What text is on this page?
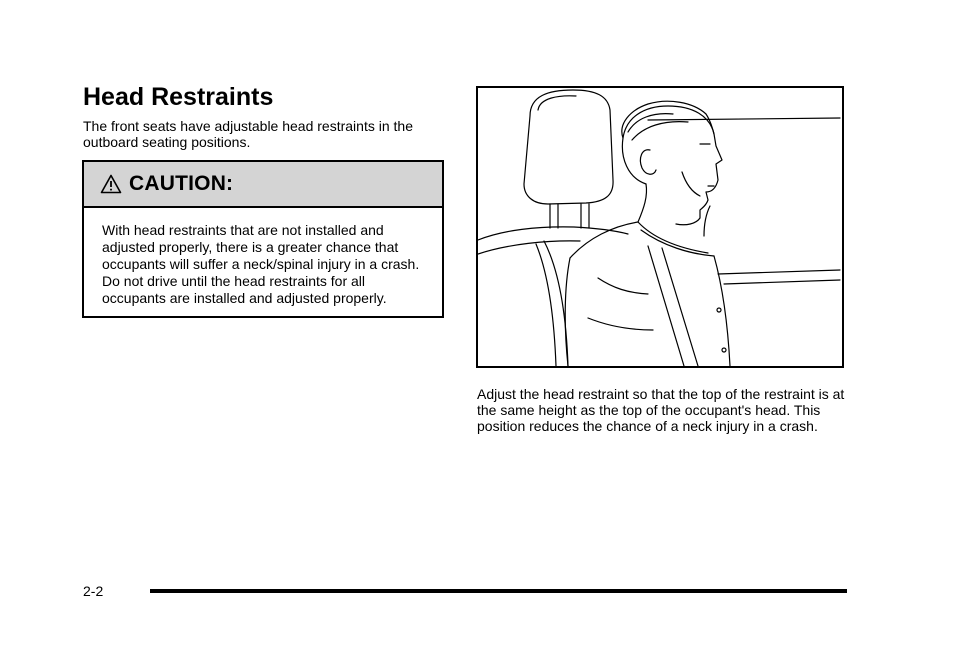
Head Restraints

The front seats have adjustable head restraints in the outboard seating positions.

CAUTION:

With head restraints that are not installed and adjusted properly, there is a greater chance that occupants will suffer a neck/spinal injury in a crash. Do not drive until the head restraints for all occupants are installed and adjusted properly.

Adjust the head restraint so that the top of the restraint is at the same height as the top of the occupant's head. This position reduces the chance of a neck injury in a crash.

2-2
